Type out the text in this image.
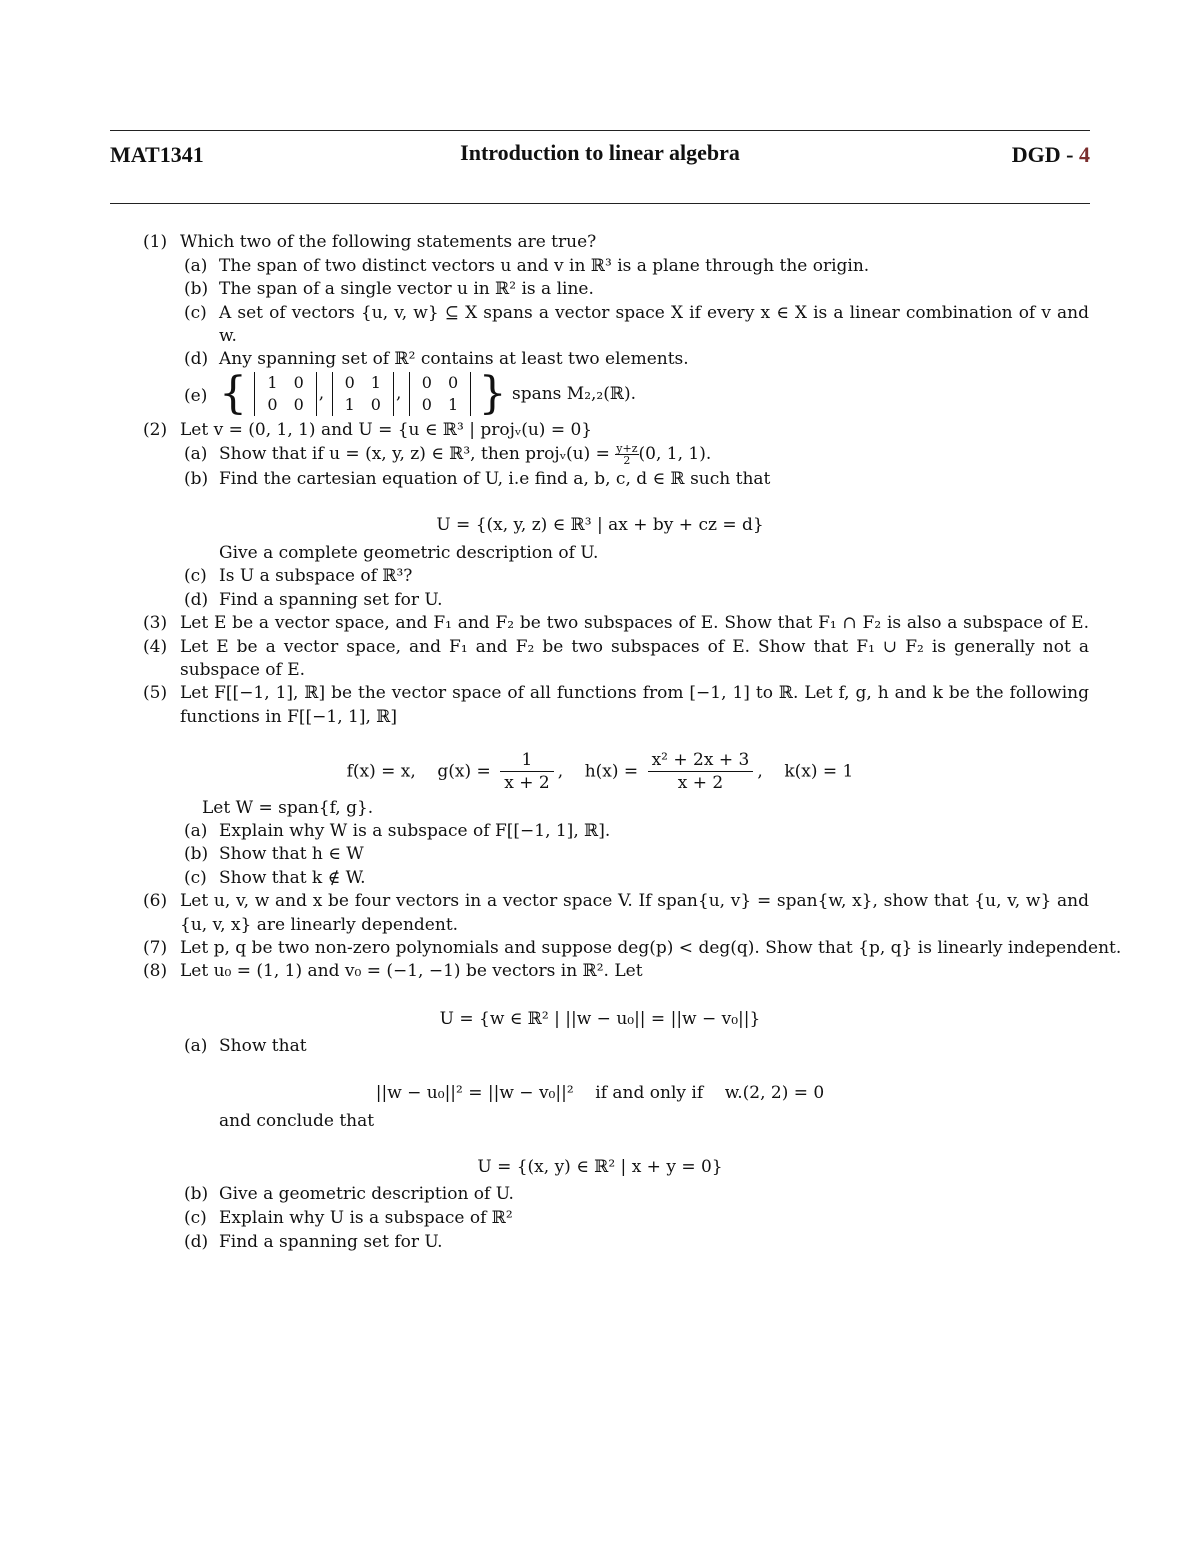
MAT1341	Introduction to linear algebra	DGD - 4
(1) Which two of the following statements are true?
(a) The span of two distinct vectors u and v in ℝ³ is a plane through the origin.
(b) The span of a single vector u in ℝ² is a line.
(c) A set of vectors {u, v, w} ⊆ X spans a vector space X if every x ∈ X is a linear combination of v and
w.
(d) Any spanning set of ℝ² contains at least two elements.
(e) { 1	0
0	0
,
0	1
1	0
,
0	0
0	1 } spans M₂,₂(ℝ).
(2) Let v = (0, 1, 1) and U = {u ∈ ℝ³ | projᵥ(u) = 0}
(a) Show that if u = (x, y, z) ∈ ℝ³, then projᵥ(u) = $\frac{y+z}{2} (0$, 1, 1).
(b) Find the cartesian equation of U, i.e find a, b, c, d ∈ ℝ such that
U = {(x, y, z) ∈ ℝ³ | ax + by + cz = d}
Give a complete geometric description of U.
(c) Is U a subspace of ℝ³?
(d) Find a spanning set for U.
(3) Let E be a vector space, and F₁ and F₂ be two subspaces of E. Show that F₁ ∩ F₂ is also a subspace of E.
(4) Let E be a vector space, and F₁ and F₂ be two subspaces of E. Show that F₁ ∪ F₂ is generally not a
subspace of E.
(5) Let F[[−1, 1], ℝ] be the vector space of all functions from [−1, 1] to ℝ. Let f, g, h and k be the following
functions in F[[−1, 1], ℝ]
f(x) = x, $g(x) = \frac{1}{x + 2}$ , $h(x) = \frac{\text{x² + 2x + 3}}{x + 2}$ , k(x) = 1
Let W = span{f, g}.
(a) Explain why W is a subspace of F[[−1, 1], ℝ].
(b) Show that h ∈ W
(c) Show that k ∉ W.
(6) Let u, v, w and x be four vectors in a vector space V. If span{u, v} = span{w, x}, show that {u, v, w} and
{u, v, x} are linearly dependent.
(7) Let p, q be two non-zero polynomials and suppose deg(p) < deg(q). Show that {p, q} is linearly independent.
(8) Let u₀ = (1, 1) and v₀ = (−1, −1) be vectors in ℝ². Let
U = {w ∈ ℝ² | ||w − u₀|| = ||w − v₀||}
(a) Show that
||w − u₀||² = ||w − v₀||²    if and only if    w.(2, 2) = 0
and conclude that
U = {(x, y) ∈ ℝ² | x + y = 0}
(b) Give a geometric description of U.
(c) Explain why U is a subspace of ℝ²
(d) Find a spanning set for U.
